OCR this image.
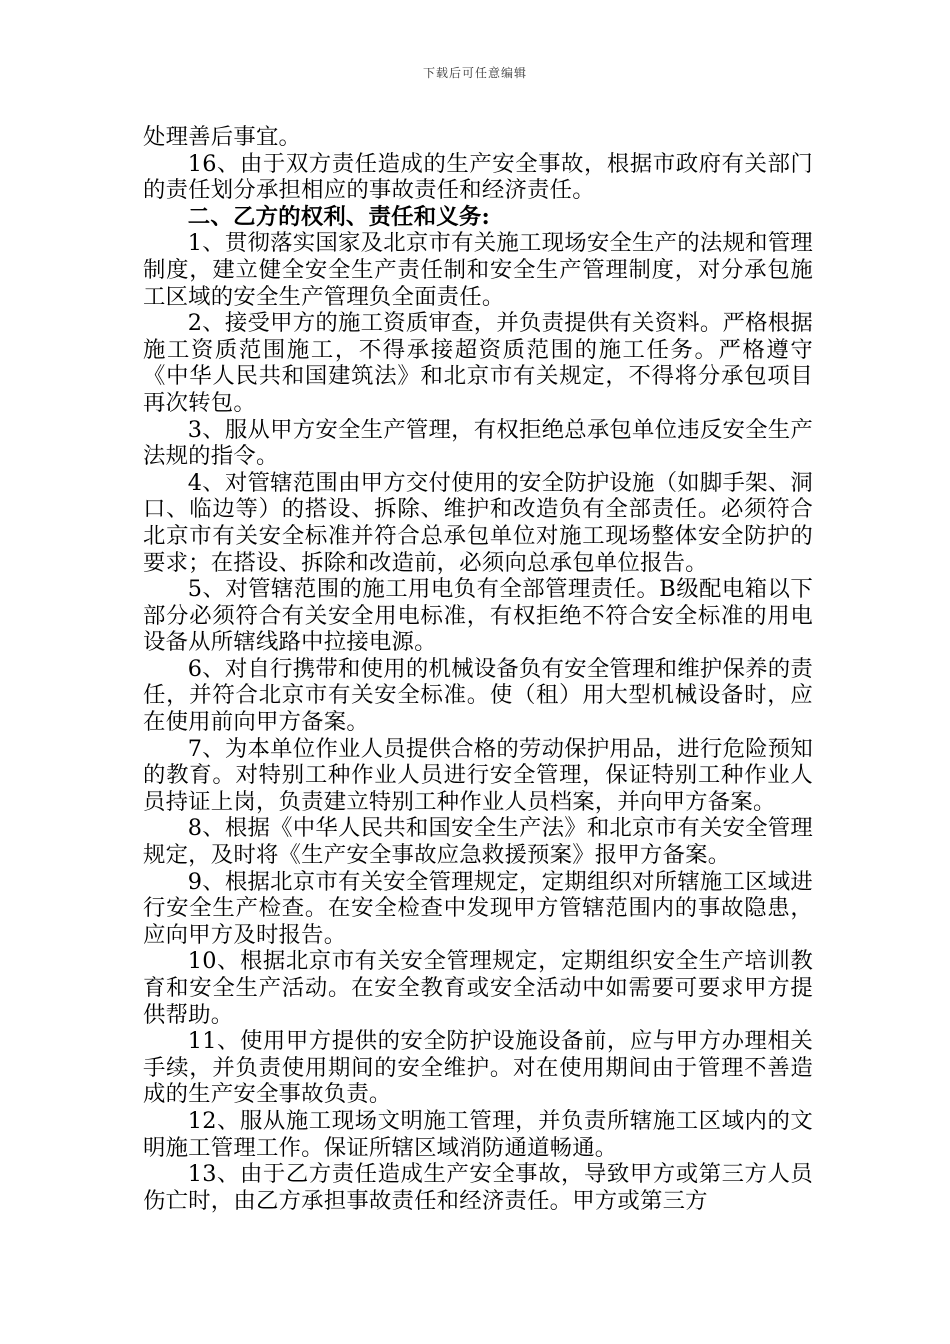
下载后可任意编辑

处理善后事宜。

16、由于双方责任造成的生产安全事故，根据市政府有关部门的责任划分承担相应的事故责任和经济责任。

二、乙方的权利、责任和义务:

1、贯彻落实国家及北京市有关施工现场安全生产的法规和管理制度，建立健全安全生产责任制和安全生产管理制度，对分承包施工区域的安全生产管理负全面责任。

2、接受甲方的施工资质审查，并负责提供有关资料。严格根据施工资质范围施工，不得承接超资质范围的施工任务。严格遵守《中华人民共和国建筑法》和北京市有关规定，不得将分承包项目再次转包。

3、服从甲方安全生产管理，有权拒绝总承包单位违反安全生产法规的指令。

4、对管辖范围由甲方交付使用的安全防护设施（如脚手架、洞口、临边等）的搭设、拆除、维护和改造负有全部责任。必须符合北京市有关安全标准并符合总承包单位对施工现场整体安全防护的要求；在搭设、拆除和改造前，必须向总承包单位报告。

5、对管辖范围的施工用电负有全部管理责任。B级配电箱以下部分必须符合有关安全用电标准，有权拒绝不符合安全标准的用电设备从所辖线路中拉接电源。

6、对自行携带和使用的机械设备负有安全管理和维护保养的责任，并符合北京市有关安全标准。使（租）用大型机械设备时，应在使用前向甲方备案。

7、为本单位作业人员提供合格的劳动保护用品，进行危险预知的教育。对特别工种作业人员进行安全管理，保证特别工种作业人员持证上岗，负责建立特别工种作业人员档案，并向甲方备案。

8、根据《中华人民共和国安全生产法》和北京市有关安全管理规定，及时将《生产安全事故应急救援预案》报甲方备案。

9、根据北京市有关安全管理规定，定期组织对所辖施工区域进行安全生产检查。在安全检查中发现甲方管辖范围内的事故隐患，应向甲方及时报告。

10、根据北京市有关安全管理规定，定期组织安全生产培训教育和安全生产活动。在安全教育或安全活动中如需要可要求甲方提供帮助。

11、使用甲方提供的安全防护设施设备前，应与甲方办理相关手续，并负责使用期间的安全维护。对在使用期间由于管理不善造成的生产安全事故负责。

12、服从施工现场文明施工管理，并负责所辖施工区域内的文明施工管理工作。保证所辖区域消防通道畅通。

13、由于乙方责任造成生产安全事故，导致甲方或第三方人员伤亡时，由乙方承担事故责任和经济责任。甲方或第三方
